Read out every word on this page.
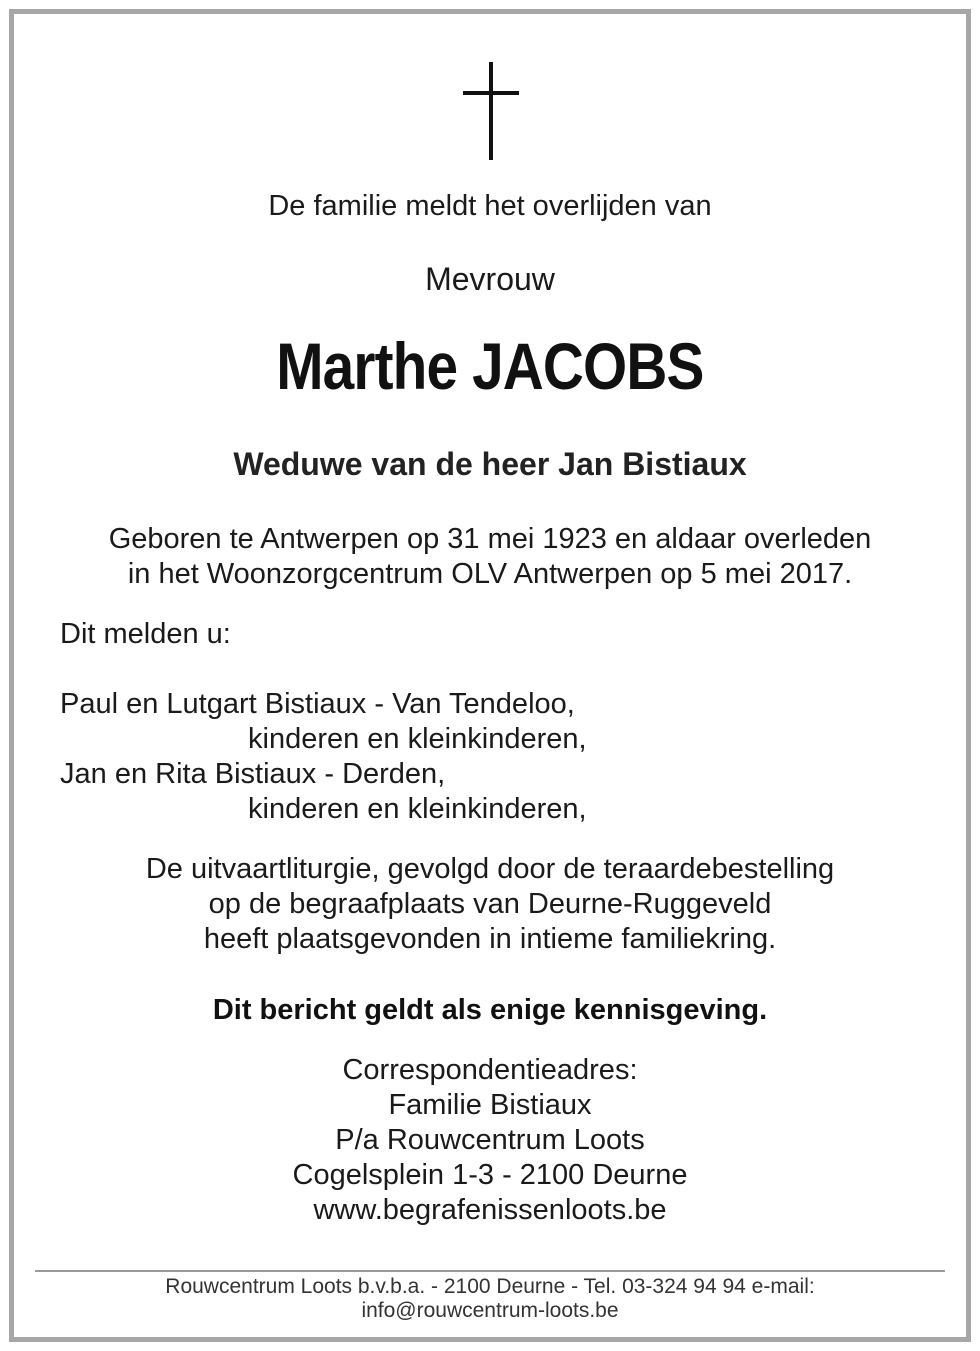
De familie meldt het overlijden van
Mevrouw
Marthe JACOBS
Weduwe van de heer Jan Bistiaux
Geboren te Antwerpen op 31 mei 1923 en aldaar overleden
in het Woonzorgcentrum OLV Antwerpen op 5 mei 2017.
Dit melden u:
Paul en Lutgart Bistiaux - Van Tendeloo,
kinderen en kleinkinderen,
Jan en Rita Bistiaux - Derden,
kinderen en kleinkinderen,
De uitvaartliturgie, gevolgd door de teraardebestelling
op de begraafplaats van Deurne-Ruggeveld
heeft plaatsgevonden in intieme familiekring.
Dit bericht geldt als enige kennisgeving.
Correspondentieadres:
Familie Bistiaux
P/a Rouwcentrum Loots
Cogelsplein 1-3 - 2100 Deurne
www.begrafenissenloots.be
Rouwcentrum Loots b.v.b.a. - 2100 Deurne - Tel. 03-324 94 94 e-mail:
info@rouwcentrum-loots.be
